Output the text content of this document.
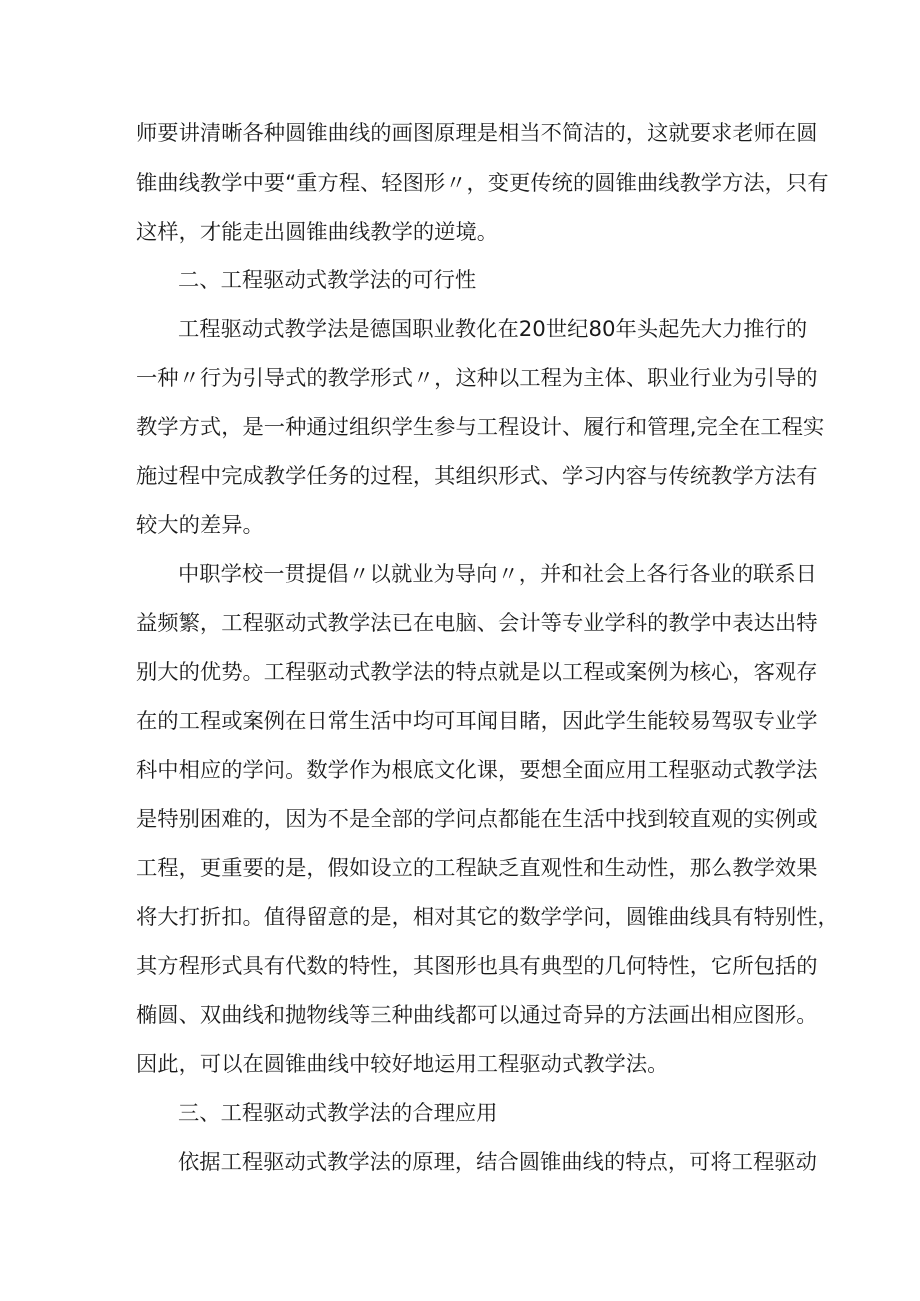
师要讲清晰各种圆锥曲线的画图原理是相当不简洁的，这就要求老师在圆

锥曲线教学中要“重方程、轻图形〃，变更传统的圆锥曲线教学方法，只有

这样，才能走出圆锥曲线教学的逆境。

二、工程驱动式教学法的可行性

工程驱动式教学法是德国职业教化在20世纪80年头起先大力推行的

一种〃行为引导式的教学形式〃，这种以工程为主体、职业行业为引导的

教学方式，是一种通过组织学生参与工程设计、履行和管理,完全在工程实

施过程中完成教学任务的过程，其组织形式、学习内容与传统教学方法有

较大的差异。

中职学校一贯提倡〃以就业为导向〃，并和社会上各行各业的联系日

益频繁，工程驱动式教学法已在电脑、会计等专业学科的教学中表达出特

别大的优势。工程驱动式教学法的特点就是以工程或案例为核心，客观存

在的工程或案例在日常生活中均可耳闻目睹，因此学生能较易驾驭专业学

科中相应的学问。数学作为根底文化课，要想全面应用工程驱动式教学法

是特别困难的，因为不是全部的学问点都能在生活中找到较直观的实例或

工程，更重要的是，假如设立的工程缺乏直观性和生动性，那么教学效果

将大打折扣。值得留意的是，相对其它的数学学问，圆锥曲线具有特别性，

其方程形式具有代数的特性，其图形也具有典型的几何特性，它所包括的

椭圆、双曲线和抛物线等三种曲线都可以通过奇异的方法画出相应图形。

因此，可以在圆锥曲线中较好地运用工程驱动式教学法。

三、工程驱动式教学法的合理应用

依据工程驱动式教学法的原理，结合圆锥曲线的特点，可将工程驱动
